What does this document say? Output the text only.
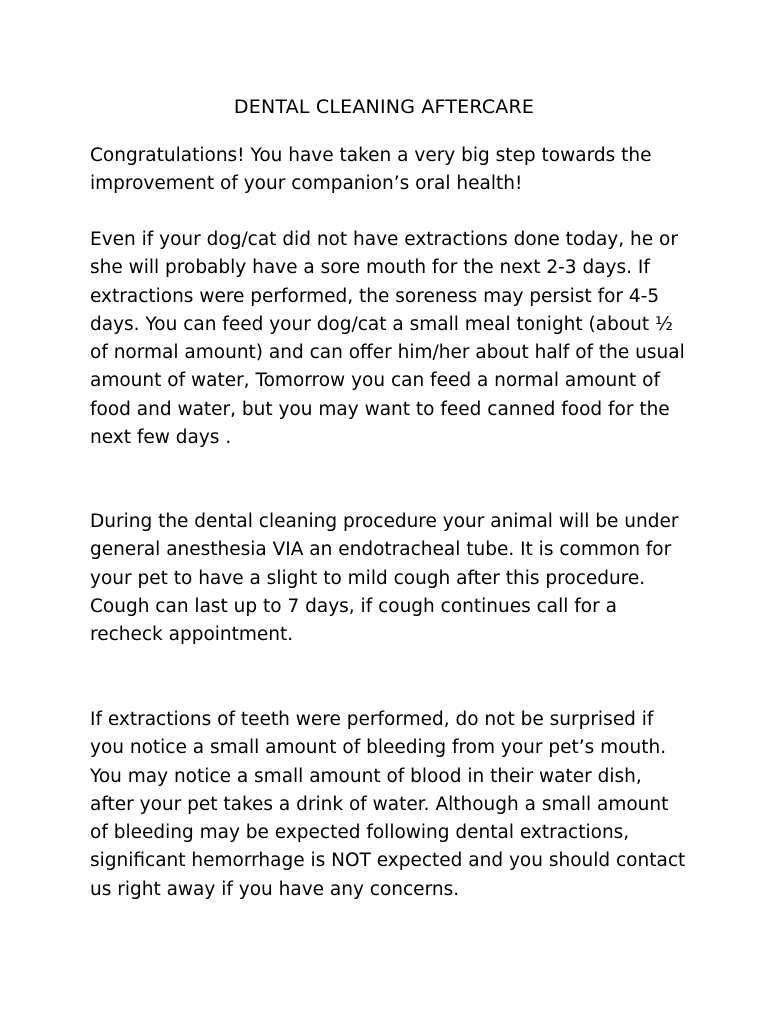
DENTAL CLEANING AFTERCARE

Congratulations! You have taken a very big step towards the
improvement of your companion’s oral health!

Even if your dog/cat did not have extractions done today, he or
she will probably have a sore mouth for the next 2-3 days. If
extractions were performed, the soreness may persist for 4-5
days. You can feed your dog/cat a small meal tonight (about ½
of normal amount) and can offer him/her about half of the usual
amount of water, Tomorrow you can feed a normal amount of
food and water, but you may want to feed canned food for the
next few days .

During the dental cleaning procedure your animal will be under
general anesthesia VIA an endotracheal tube. It is common for
your pet to have a slight to mild cough after this procedure.
Cough can last up to 7 days, if cough continues call for a
recheck appointment.

If extractions of teeth were performed, do not be surprised if
you notice a small amount of bleeding from your pet’s mouth.
You may notice a small amount of blood in their water dish,
after your pet takes a drink of water. Although a small amount
of bleeding may be expected following dental extractions,
significant hemorrhage is NOT expected and you should contact
us right away if you have any concerns.
